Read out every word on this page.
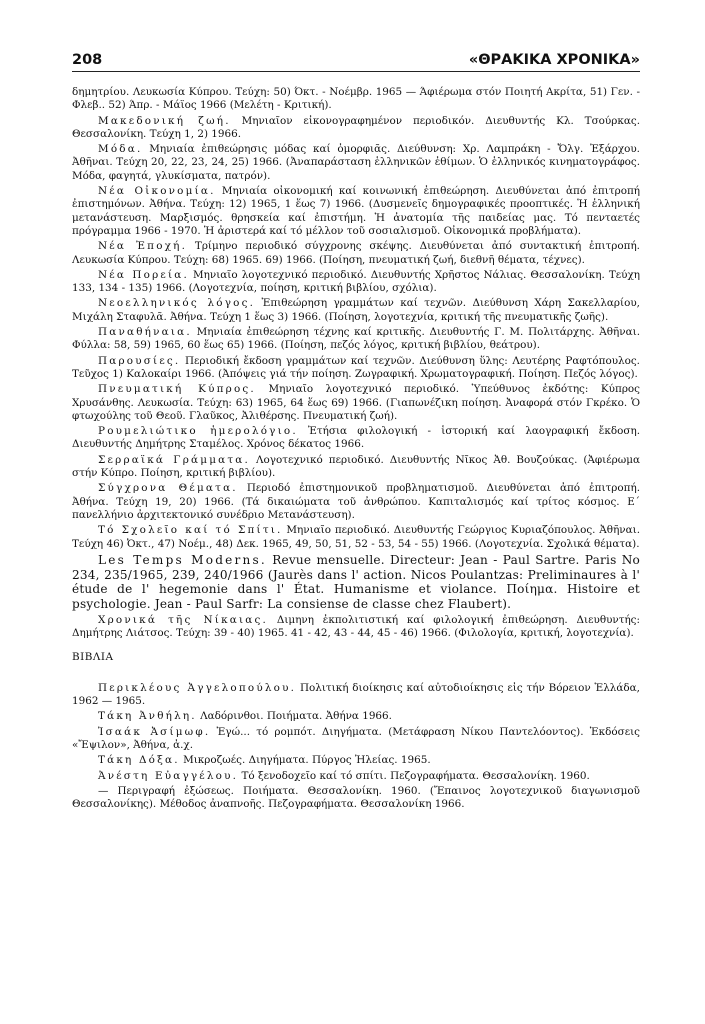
208	«ΘΡΑΚΙΚΑ ΧΡΟΝΙΚΑ»

δημητρίου. Λευκωσία Κύπρου. Τεύχη: 50) Όκτ. - Νοέμβρ. 1965 — Άφιέρωμα στόν Ποιητή Ακρίτα, 51) Γεν. - Φλεβ.. 52) Άπρ. - Μάϊος 1966 (Μελέτη - Κριτική).

Μακεδονική ζωή. Μηνιαῖον εἰκονογραφημένον περιοδικόν. Διευθυντής Κλ. Τσούρκας. Θεσσαλονίκη. Τεύχη 1, 2) 1966.

Μόδα. Μηνιαία ἐπιθεώρησις μόδας καί ὀμορφιᾶς. Διεύθυνση: Χρ. Λαμπράκη - Ὄλγ. Ἐξάρχου. Ἀθῆναι. Τεύχη 20, 22, 23, 24, 25) 1966. (Ἀναπαράσταση ἑλληνικῶν ἐθίμων. Ὁ ἑλληνικός κινηματογράφος. Μόδα, φαγητά, γλυκίσματα, πατρόν).

Νέα Οἰκονομία. Μηνιαία οἰκονομική καί κοινωνική ἐπιθεώρηση. Διευθύνεται ἀπό ἐπιτροπή ἐπιστημόνων. Ἀθήνα. Τεύχη: 12) 1965, 1 ἕως 7) 1966. (Δυσμενεῖς δημογραφικές προοπτικές. Ἡ ἑλληνική μετανάστευση. Μαρξισμός. θρησκεία καί ἐπιστήμη. Ἡ ἀνατομία τῆς παιδείας μας. Τό πενταετές πρόγραμμα 1966 - 1970. Ἡ ἀριστερά καί τό μέλλον τοῦ σοσιαλισμοῦ. Οἰκονομικά προβλήματα).

Νέα Ἐποχή. Τρίμηνο περιοδικό σύγχρονης σκέψης. Διευθύνεται ἀπό συντακτική ἐπιτροπή. Λευκωσία Κύπρου. Τεύχη: 68) 1965. 69) 1966. (Ποίηση, πνευματική ζωή, διεθνῆ θέματα, τέχνες).

Νέα Πορεία. Μηνιαῖο λογοτεχνικό περιοδικό. Διευθυντής Χρῆστος Νάλιας. Θεσσαλονίκη. Τεύχη 133, 134 - 135) 1966. (Λογοτεχνία, ποίηση, κριτική βιβλίου, σχόλια).

Νεοελληνικός λόγος. Ἐπιθεώρηση γραμμάτων καί τεχνῶν. Διεύθυνση Χάρη Σακελλαρίου, Μιχάλη Σταφυλᾶ. Ἀθήνα. Τεύχη 1 ἕως 3) 1966. (Ποίηση, λογοτεχνία, κριτική τῆς πνευματικῆς ζωῆς).

Παναθήναια. Μηνιαία ἐπιθεώρηση τέχνης καί κριτικῆς. Διευθυντής Γ. Μ. Πολιτάρχης. Ἀθῆναι. Φύλλα: 58, 59) 1965, 60 ἕως 65) 1966. (Ποίηση, πεζός λόγος, κριτική βιβλίου, θεάτρου).

Παρουσίες. Περιοδική ἔκδοση γραμμάτων καί τεχνῶν. Διεύθυνση ὕλης: Λευτέρης Ραφτόπουλος. Τεῦχος 1) Καλοκαίρι 1966. (Ἀπόψεις γιά τήν ποίηση. Ζωγραφική. Χρωματογραφική. Ποίηση. Πεζός λόγος).

Πνευματική Κύπρος. Μηνιαῖο λογοτεχνικό περιοδικό. Ὑπεύθυνος ἐκδότης: Κύπρος Χρυσάνθης. Λευκωσία. Τεύχη: 63) 1965, 64 ἕως 69) 1966. (Γιαπωνέζικη ποίηση. Ἀναφορά στόν Γκρέκο. Ὁ φτωχούλης τοῦ Θεοῦ. Γλαῦκος, Ἀλιθέρσης. Πνευματική ζωή).

Ρουμελιώτικο ἡμερολόγιο. Ἐτήσια φιλολογική - ἱστορική καί λαογραφική ἔκδοση. Διευθυντής Δημήτρης Σταμέλος. Χρόνος δέκατος 1966.

Σερραϊκά Γράμματα. Λογοτεχνικό περιοδικό. Διευθυντής Νῖκος Ἀθ. Βουζούκας. (Ἀφιέρωμα στήν Κύπρο. Ποίηση, κριτική βιβλίου).

Σύγχρονα Θέματα. Περιοδό ἐπιστημονικοῦ προβληματισμοῦ. Διευθύνεται ἀπό ἐπιτροπή. Ἀθήνα. Τεύχη 19, 20) 1966. (Τά δικαιώματα τοῦ ἀνθρώπου. Καπιταλισμός καί τρίτος κόσμος. Ε΄ πανελλήνιο ἀρχιτεκτονικό συνέδριο Μετανάστευση).

Τό Σχολεῖο καί τό Σπίτι. Μηνιαῖο περιοδικό. Διευθυντής Γεώργιος Κυριαζόπουλος. Ἀθῆναι. Τεύχη 46) Ὀκτ., 47) Νοέμ., 48) Δεκ. 1965, 49, 50, 51, 52 - 53, 54 - 55) 1966. (Λογοτεχνία. Σχολικά θέματα).

Les Temps Moderns. Revue mensuelle. Directeur: Jean - Paul Sartre. Paris No 234, 235/1965, 239, 240/1966 (Jaurès dans l' action. Nicos Poulantzas: Preliminaures à l' étude de l' hegemonie dans l' État. Humanisme et violance. Ποίημα. Histoire et psychologie. Jean - Paul Sarfr: La consiense de classe chez Flaubert).

Χρονικά τῆς Νίκαιας. Διμηνη ἐκπολιτιστική καί φιλολογική ἐπιθεώρηση. Διευθυντής: Δημήτρης Λιάτσος. Τεύχη: 39 - 40) 1965. 41 - 42, 43 - 44, 45 - 46) 1966. (Φιλολογία, κριτική, λογοτεχνία).

ΒΙΒΛΙΑ

Περικλέους Ἀγγελοπούλου. Πολιτική διοίκησις καί αὐτοδιοίκησις εἰς τήν Βόρειον Ἑλλάδα, 1962 — 1965.

Τάκη Ἀνθήλη. Λαδόρινθοι. Ποιήματα. Ἀθήνα 1966.

Ἰσαάκ Ἀσίμωφ. Ἐγώ... τό ρομπότ. Διηγήματα. (Μετάφραση Νίκου Παντελόοντος). Ἐκδόσεις «Ἔψιλον», Ἀθήνα, ἀ.χ.

Τάκη Δόξα. Μικροζωές. Διηγήματα. Πύργος Ἠλείας. 1965.

Ἀνέστη Εὐαγγέλου. Τό ξενοδοχεῖο καί τό σπίτι. Πεζογραφήματα. Θεσσαλονίκη. 1960.

— Περιγραφή ἐξώσεως. Ποιήματα. Θεσσαλονίκη. 1960. (Ἔπαινος λογοτεχνικοῦ διαγωνισμοῦ Θεσσαλονίκης). Μέθοδος ἀναπνοῆς. Πεζογραφήματα. Θεσσαλονίκη 1966.
